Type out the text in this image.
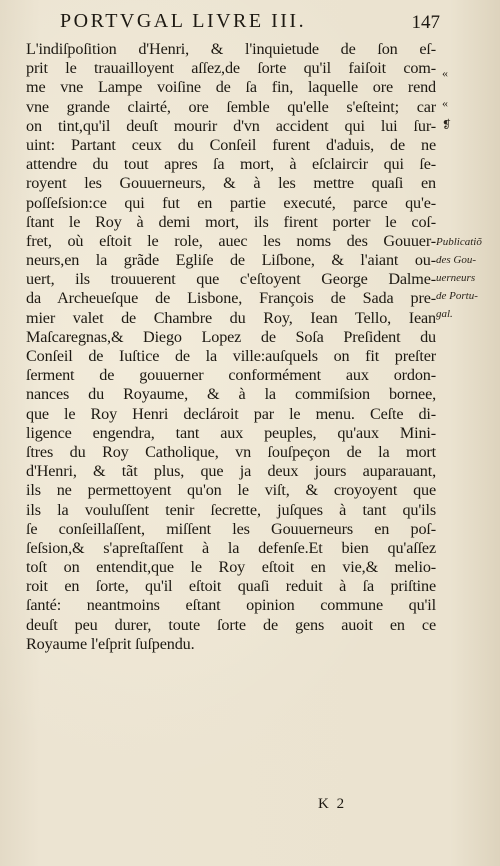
PORTVGAL LIVRE III.	147
L'indiſpoſition d'Henri, & l'inquietude de ſon eſ-
prit le trauailloyent aſſez,de ſorte qu'il faiſoit com-
me vne Lampe voiſine de ſa fin, laquelle ore rend
vne grande clairté, ore ſemble qu'elle s'eſteint; car
on tint,qu'il deuſt mourir d'vn accident qui lui ſur-
uint: Partant ceux du Conſeil furent d'aduis, de ne
attendre du tout apres ſa mort, à eſclaircir qui ſe-
royent les Gouuerneurs, & à les mettre quaſi en
poſſeſsion:ce qui fut en partie executé, parce qu'e-
ſtant le Roy à demi mort, ils firent porter le coſ-
fret, où eſtoit le role, auec les noms des Gouuer-
neurs,en la grãde Egliſe de Liſbone, & l'aiant ou-
uert, ils trouuerent que c'eſtoyent George Dalme-
da Archeueſque de Lisbone, François de Sada pre-
mier valet de Chambre du Roy, Iean Tello, Iean
Maſcaregnas,& Diego Lopez de Soſa Preſident du
Conſeil de Iuſtice de la ville:auſquels on fit preſter
ſerment de gouuerner conformément aux ordon-
nances du Royaume, & à la commiſsion bornee,
que le Roy Henri declároit par le menu. Ceſte di-
ligence engendra, tant aux peuples, qu'aux Mini-
ſtres du Roy Catholique, vn ſouſpeçon de la mort
d'Henri, & tãt plus, que ja deux jours auparauant,
ils ne permettoyent qu'on le viſt, & croyoyent que
ils la vouluſſent tenir ſecrette, juſques à tant qu'ils
ſe conſeillaſſent, miſſent les Gouuerneurs en poſ-
ſeſsion,& s'apreſtaſſent à la defenſe.Et bien qu'aſſez
toſt on entendit,que le Roy eſtoit en vie,& melio-
roit en ſorte, qu'il eſtoit quaſi reduit à ſa priſtine
ſanté: neantmoins eſtant opinion commune qu'il
deuſt peu durer, toute ſorte de gens auoit en ce
Royaume l'eſprit ſuſpendu.
«
«
❡
Publicatiõ
des Gou-
uerneurs
de Portu-
gal.
K 2
